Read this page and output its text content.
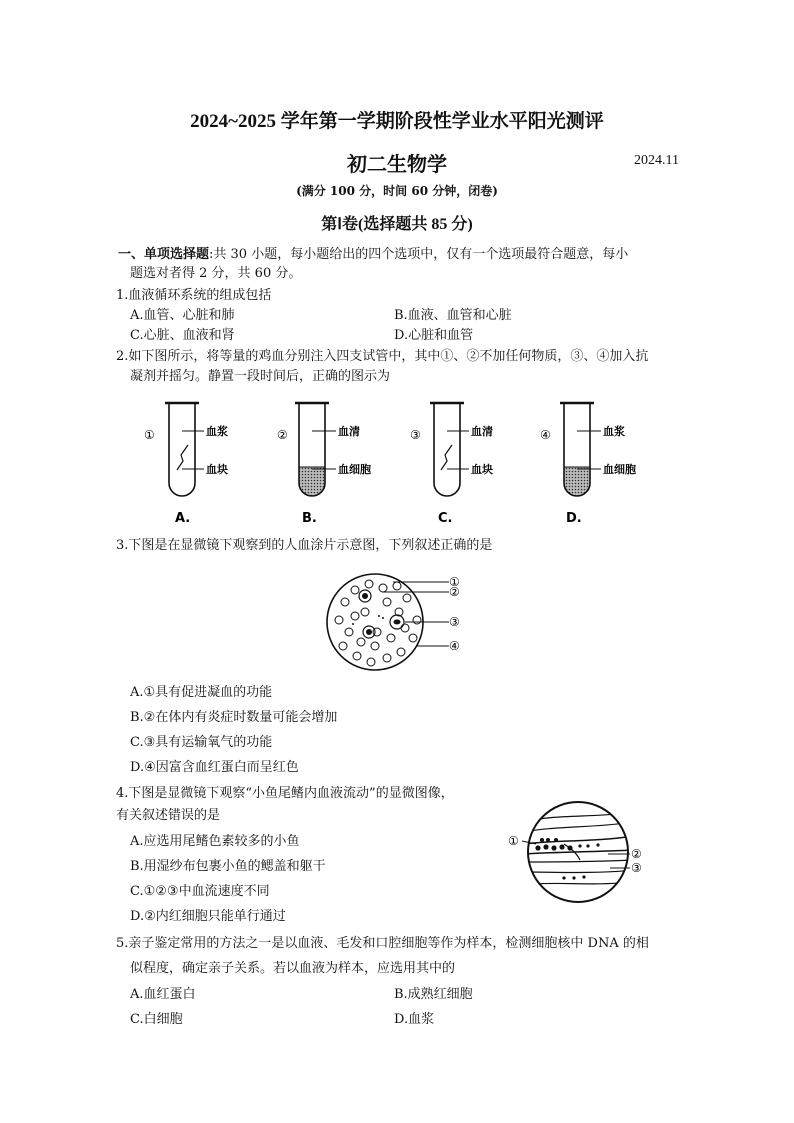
2024~2025 学年第一学期阶段性学业水平阳光测评
初二生物学	2024.11
(满分 100 分，时间 60 分钟，闭卷)
第Ⅰ卷(选择题共 85 分)
一、单项选择题:共 30 小题，每小题给出的四个选项中，仅有一个选项最符合题意，每小
题选对者得 2 分，共 60 分。
1.血液循环系统的组成包括
A.血管、心脏和肺	B.血液、血管和心脏
C.心脏、血液和肾	D.心脏和血管
2.如下图所示，将等量的鸡血分别注入四支试管中，其中①、②不加任何物质，③、④加入抗
凝剂并摇匀。静置一段时间后，正确的图示为
①	血浆
血块
A.
②	血清
血细胞
B.
③	血清
血块
C.
④	血浆
血细胞
D.
3.下图是在显微镜下观察到的人血涂片示意图，下列叙述正确的是
①
②
③
④
A.①具有促进凝血的功能
B.②在体内有炎症时数量可能会增加
C.③具有运输氧气的功能
D.④因富含血红蛋白而呈红色
4.下图是显微镜下观察“小鱼尾鳍内血液流动”的显微图像，
有关叙述错误的是
A.应选用尾鳍色素较多的小鱼
B.用湿纱布包裹小鱼的鳃盖和躯干
C.①②③中血流速度不同
D.②内红细胞只能单行通过
①
②
③
5.亲子鉴定常用的方法之一是以血液、毛发和口腔细胞等作为样本，检测细胞核中 DNA 的相
似程度，确定亲子关系。若以血液为样本，应选用其中的
A.血红蛋白	B.成熟红细胞
C.白细胞	D.血浆
